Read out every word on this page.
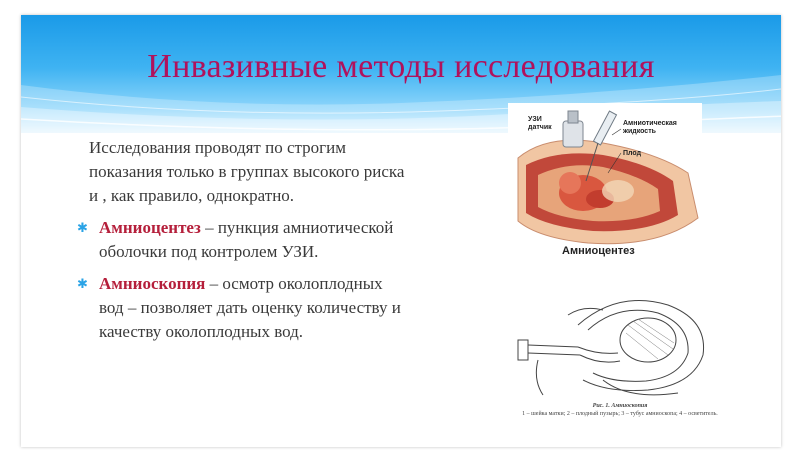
Инвазивные методы исследования

Исследования проводят по строгим показания только в группах высокого риска и , как правило, однократно.

✱ Амниоцентез – пункция амниотической оболочки под контролем УЗИ.

✱ Амниоскопия – осмотр околоплодных вод – позволяет дать оценку количеству и качеству околоплодных вод.

УЗИ
датчик
Амниотическая
жидкость
Плод
Амниоцентез
Рис. 1. Амниоскопия
1 – шейка матки; 2 – плодный пузырь; 3 – тубус амниоскопа; 4 – осветитель.
